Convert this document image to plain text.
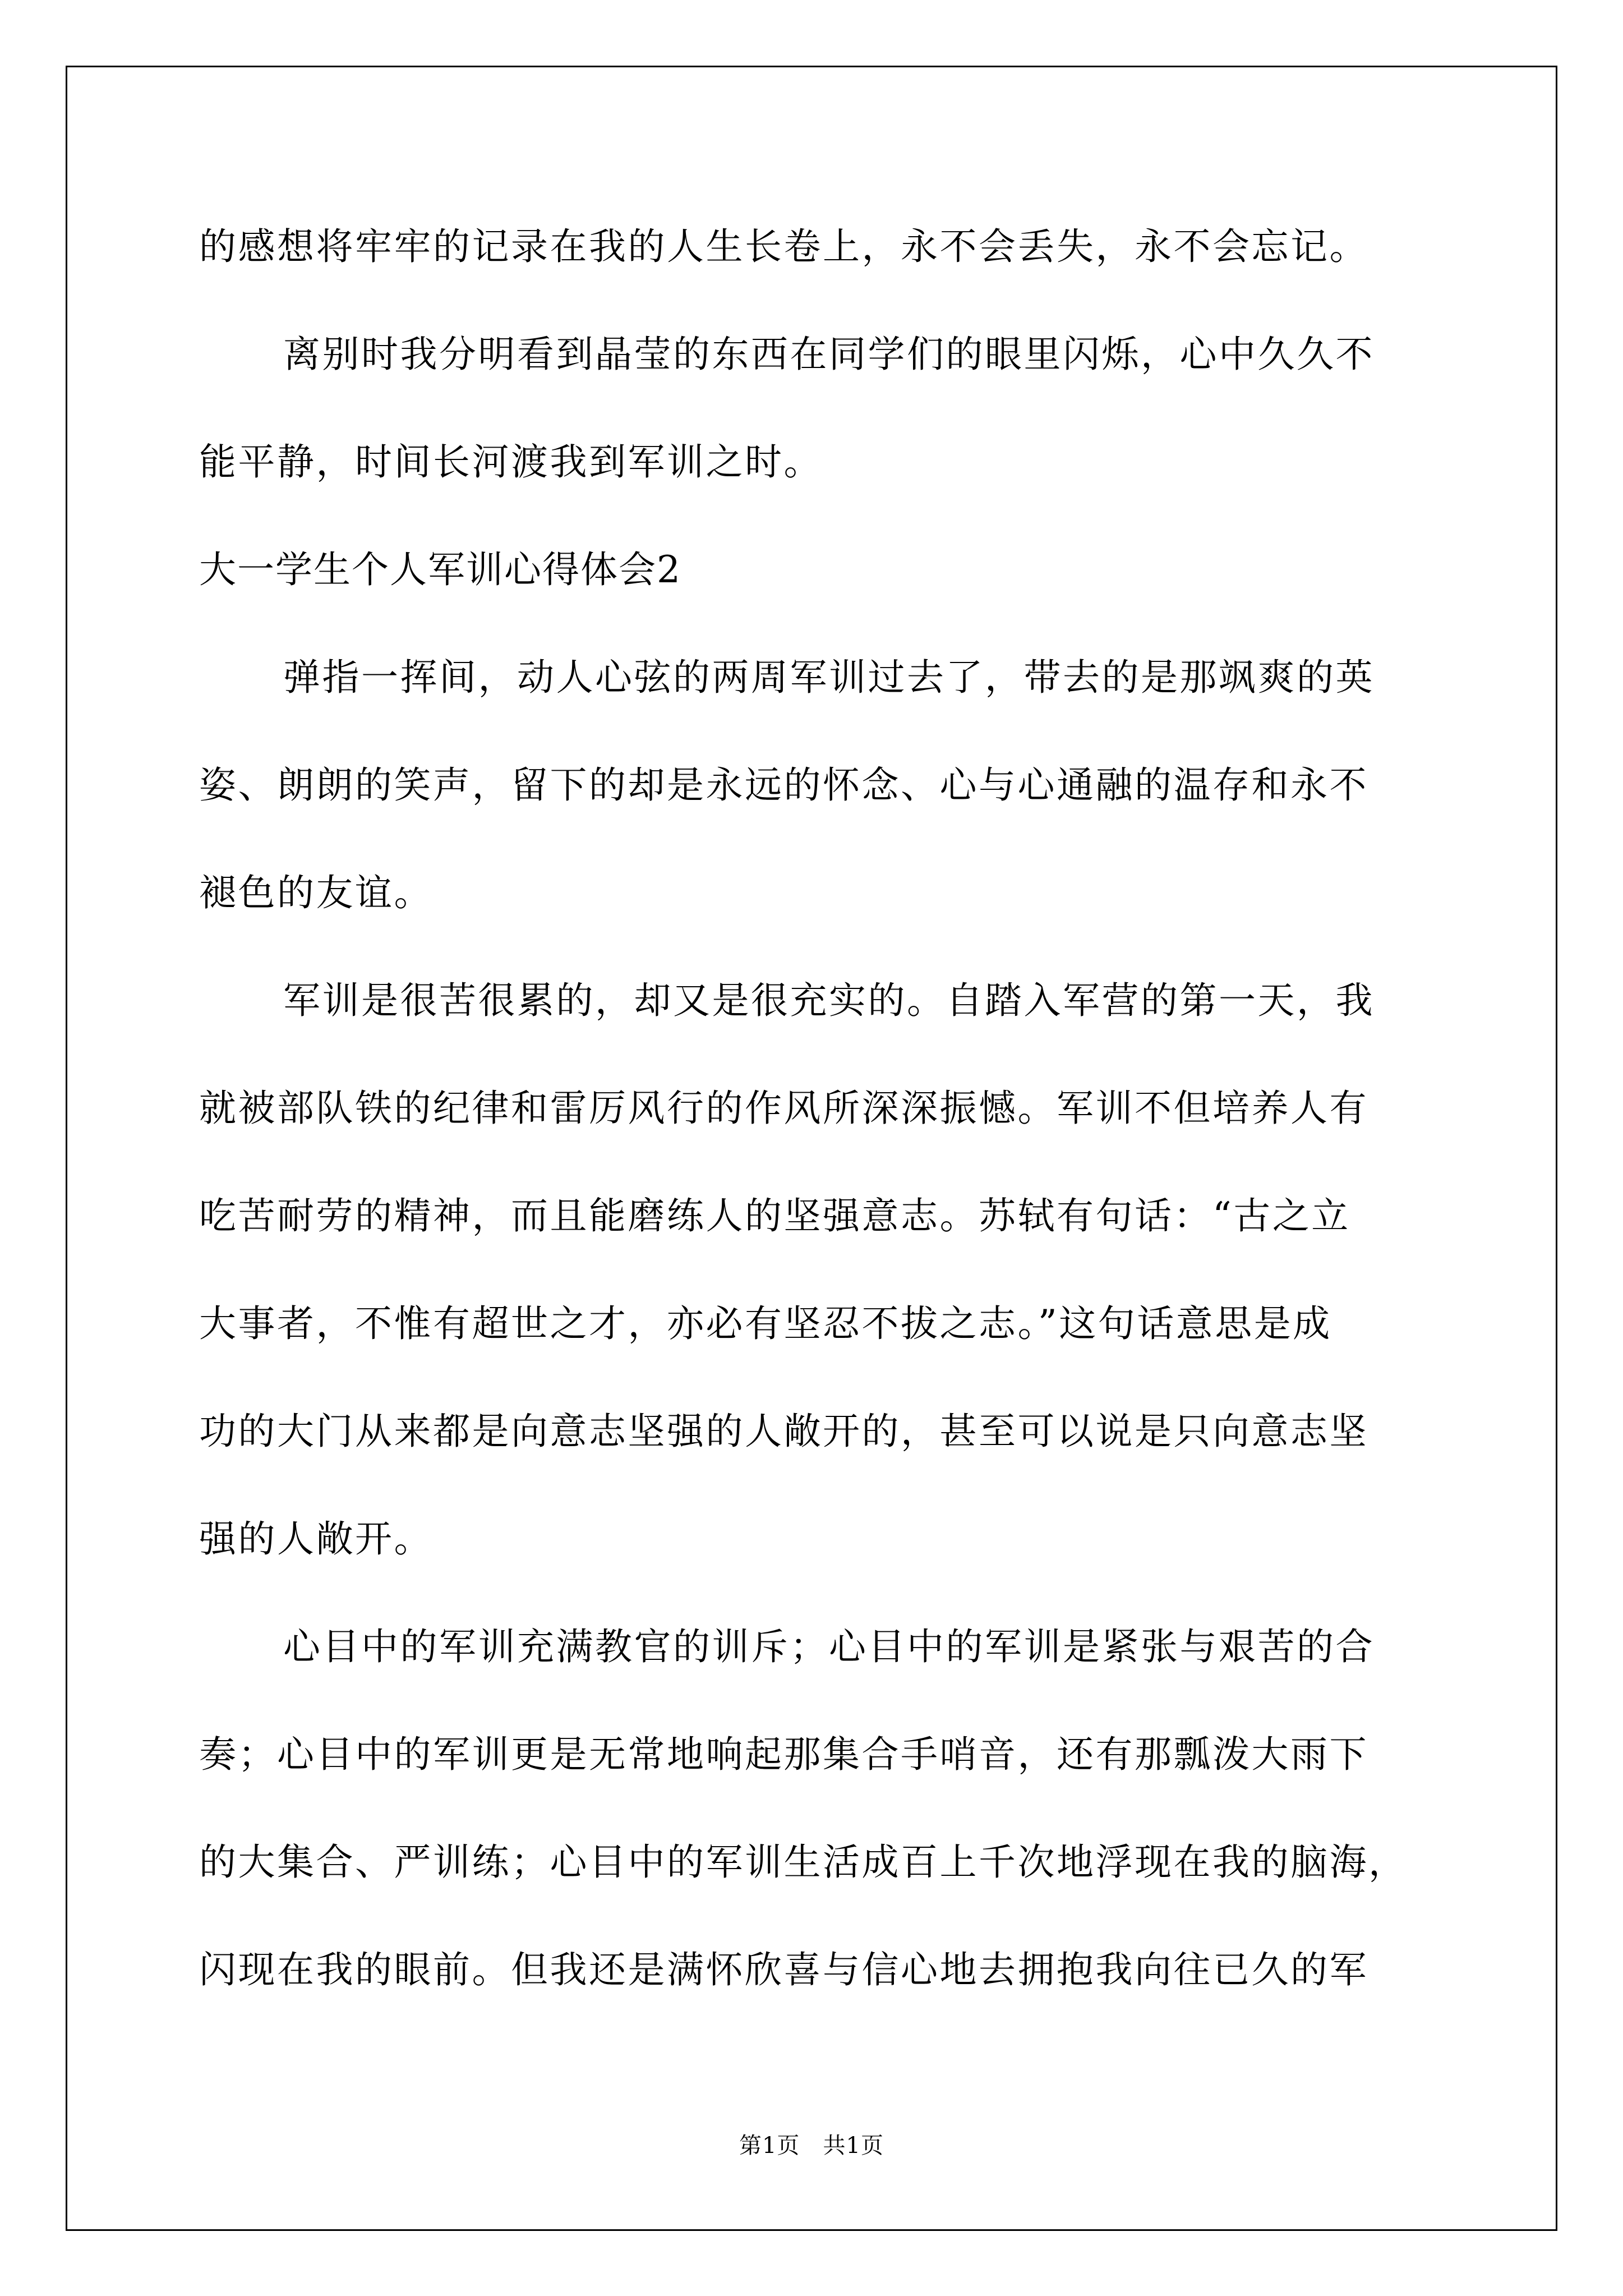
的感想将牢牢的记录在我的人生长卷上，永不会丢失，永不会忘记。
离别时我分明看到晶莹的东西在同学们的眼里闪烁，心中久久不
能平静，时间长河渡我到军训之时。
大一学生个人军训心得体会2
弹指一挥间，动人心弦的两周军训过去了，带去的是那飒爽的英
姿、朗朗的笑声，留下的却是永远的怀念、心与心通融的温存和永不
褪色的友谊。
军训是很苦很累的，却又是很充实的。自踏入军营的第一天，我
就被部队铁的纪律和雷厉风行的作风所深深振憾。军训不但培养人有
吃苦耐劳的精神，而且能磨练人的坚强意志。苏轼有句话：“古之立
大事者，不惟有超世之才，亦必有坚忍不拔之志。”这句话意思是成
功的大门从来都是向意志坚强的人敞开的，甚至可以说是只向意志坚
强的人敞开。
心目中的军训充满教官的训斥；心目中的军训是紧张与艰苦的合
奏；心目中的军训更是无常地响起那集合手哨音，还有那瓢泼大雨下
的大集合、严训练；心目中的军训生活成百上千次地浮现在我的脑海，
闪现在我的眼前。但我还是满怀欣喜与信心地去拥抱我向往已久的军
第1页   共1页
